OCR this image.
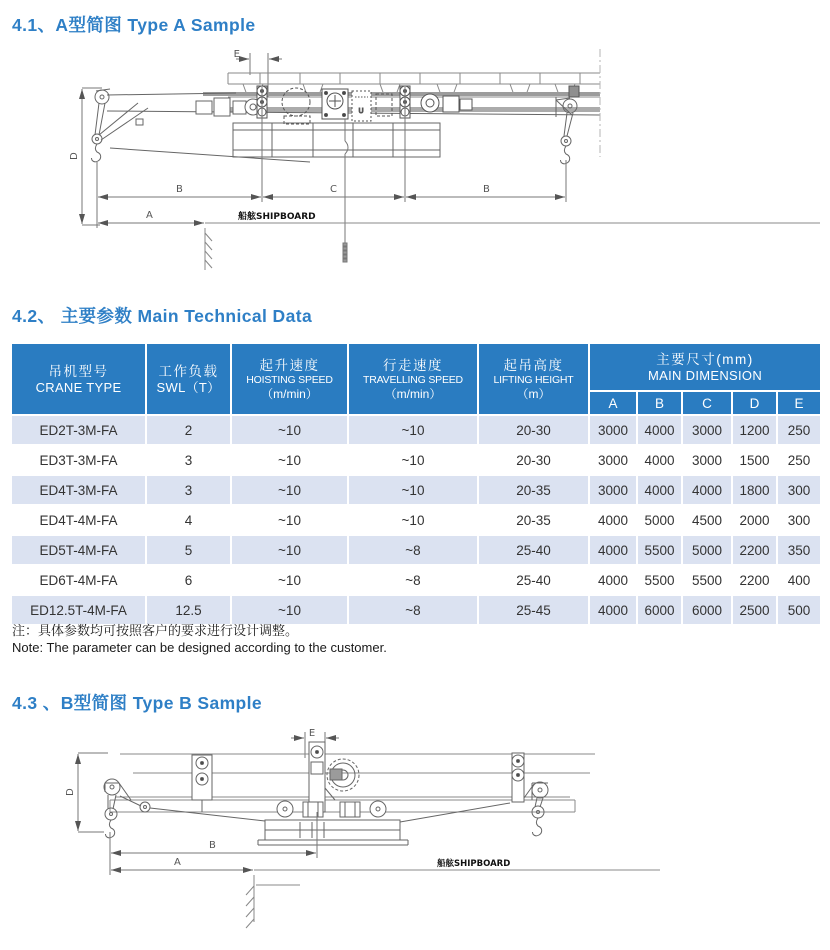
4.1、A型简图 Type A Sample
E
U
D
B	C	B
A	船舷SHIPBOARD
4.2、 主要参数 Main Technical Data
吊机型号
CRANE TYPE

工作负载
SWL（T）

起升速度
HOISTING SPEED
（m/min）

行走速度
TRAVELLING SPEED
（m/min）

起吊高度
LIFTING HEIGHT
（m）

主要尺寸(mm)
MAIN DIMENSION

					A	B	C	D	E
ED2T-3M-FA	2	~10	~10	20-30	3000	4000	3000	1200	250
ED3T-3M-FA	3	~10	~10	20-30	3000	4000	3000	1500	250
ED4T-3M-FA	3	~10	~10	20-35	3000	4000	4000	1800	300
ED4T-4M-FA	4	~10	~10	20-35	4000	5000	4500	2000	300
ED5T-4M-FA	5	~10	~8	25-40	4000	5500	5000	2200	350
ED6T-4M-FA	6	~10	~8	25-40	4000	5500	5500	2200	400
ED12.5T-4M-FA	12.5	~10	~8	25-45	4000	6000	6000	2500	500
注：具体参数均可按照客户的要求进行设计调整。
Note: The parameter can be designed according to the customer.
4.3 、B型简图 Type B Sample
E
D
B
A	船舷SHIPBOARD
